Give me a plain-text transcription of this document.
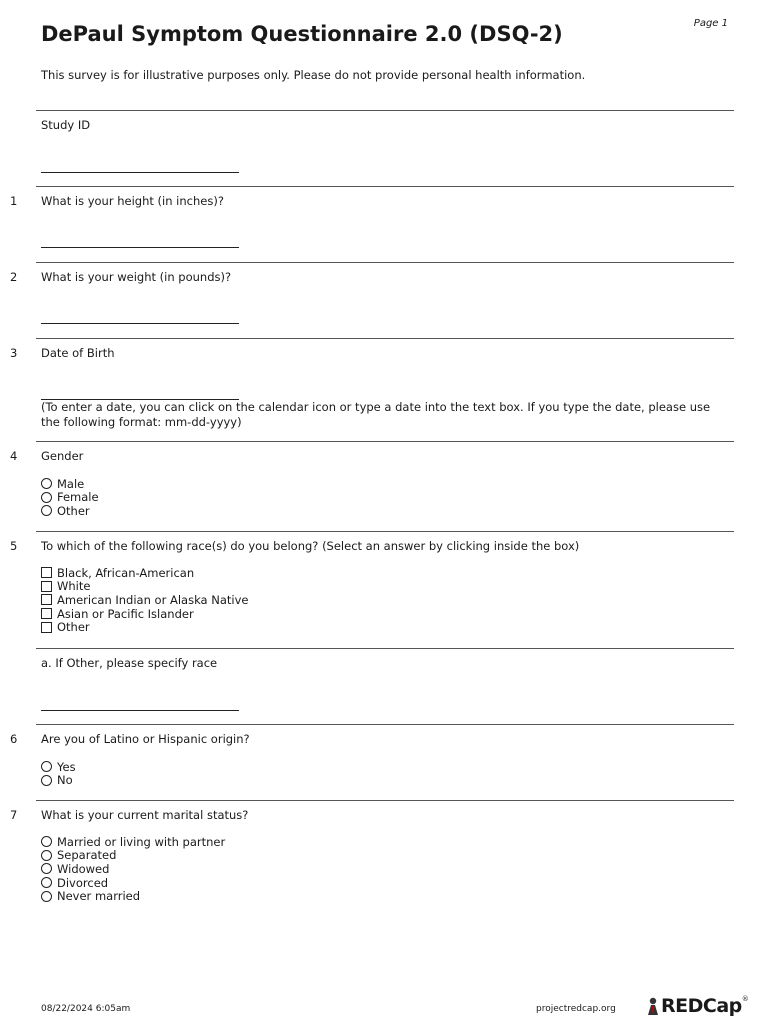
Page 1
DePaul Symptom Questionnaire 2.0 (DSQ-2)
This survey is for illustrative purposes only. Please do not provide personal health information.
Study ID
1 What is your height (in inches)?
2 What is your weight (in pounds)?
3 Date of Birth
(To enter a date, you can click on the calendar icon or type a date into the text box. If you type the date, please use the following format: mm-dd-yyyy)
4 Gender
Male
Female
Other
5 To which of the following race(s) do you belong? (Select an answer by clicking inside the box)
Black, African-American
White
American Indian or Alaska Native
Asian or Pacific Islander
Other
a. If Other, please specify race
6 Are you of Latino or Hispanic origin?
Yes
No
7 What is your current marital status?
Married or living with partner
Separated
Widowed
Divorced
Never married
08/22/2024 6:05am	projectredcap.org REDCap ®
